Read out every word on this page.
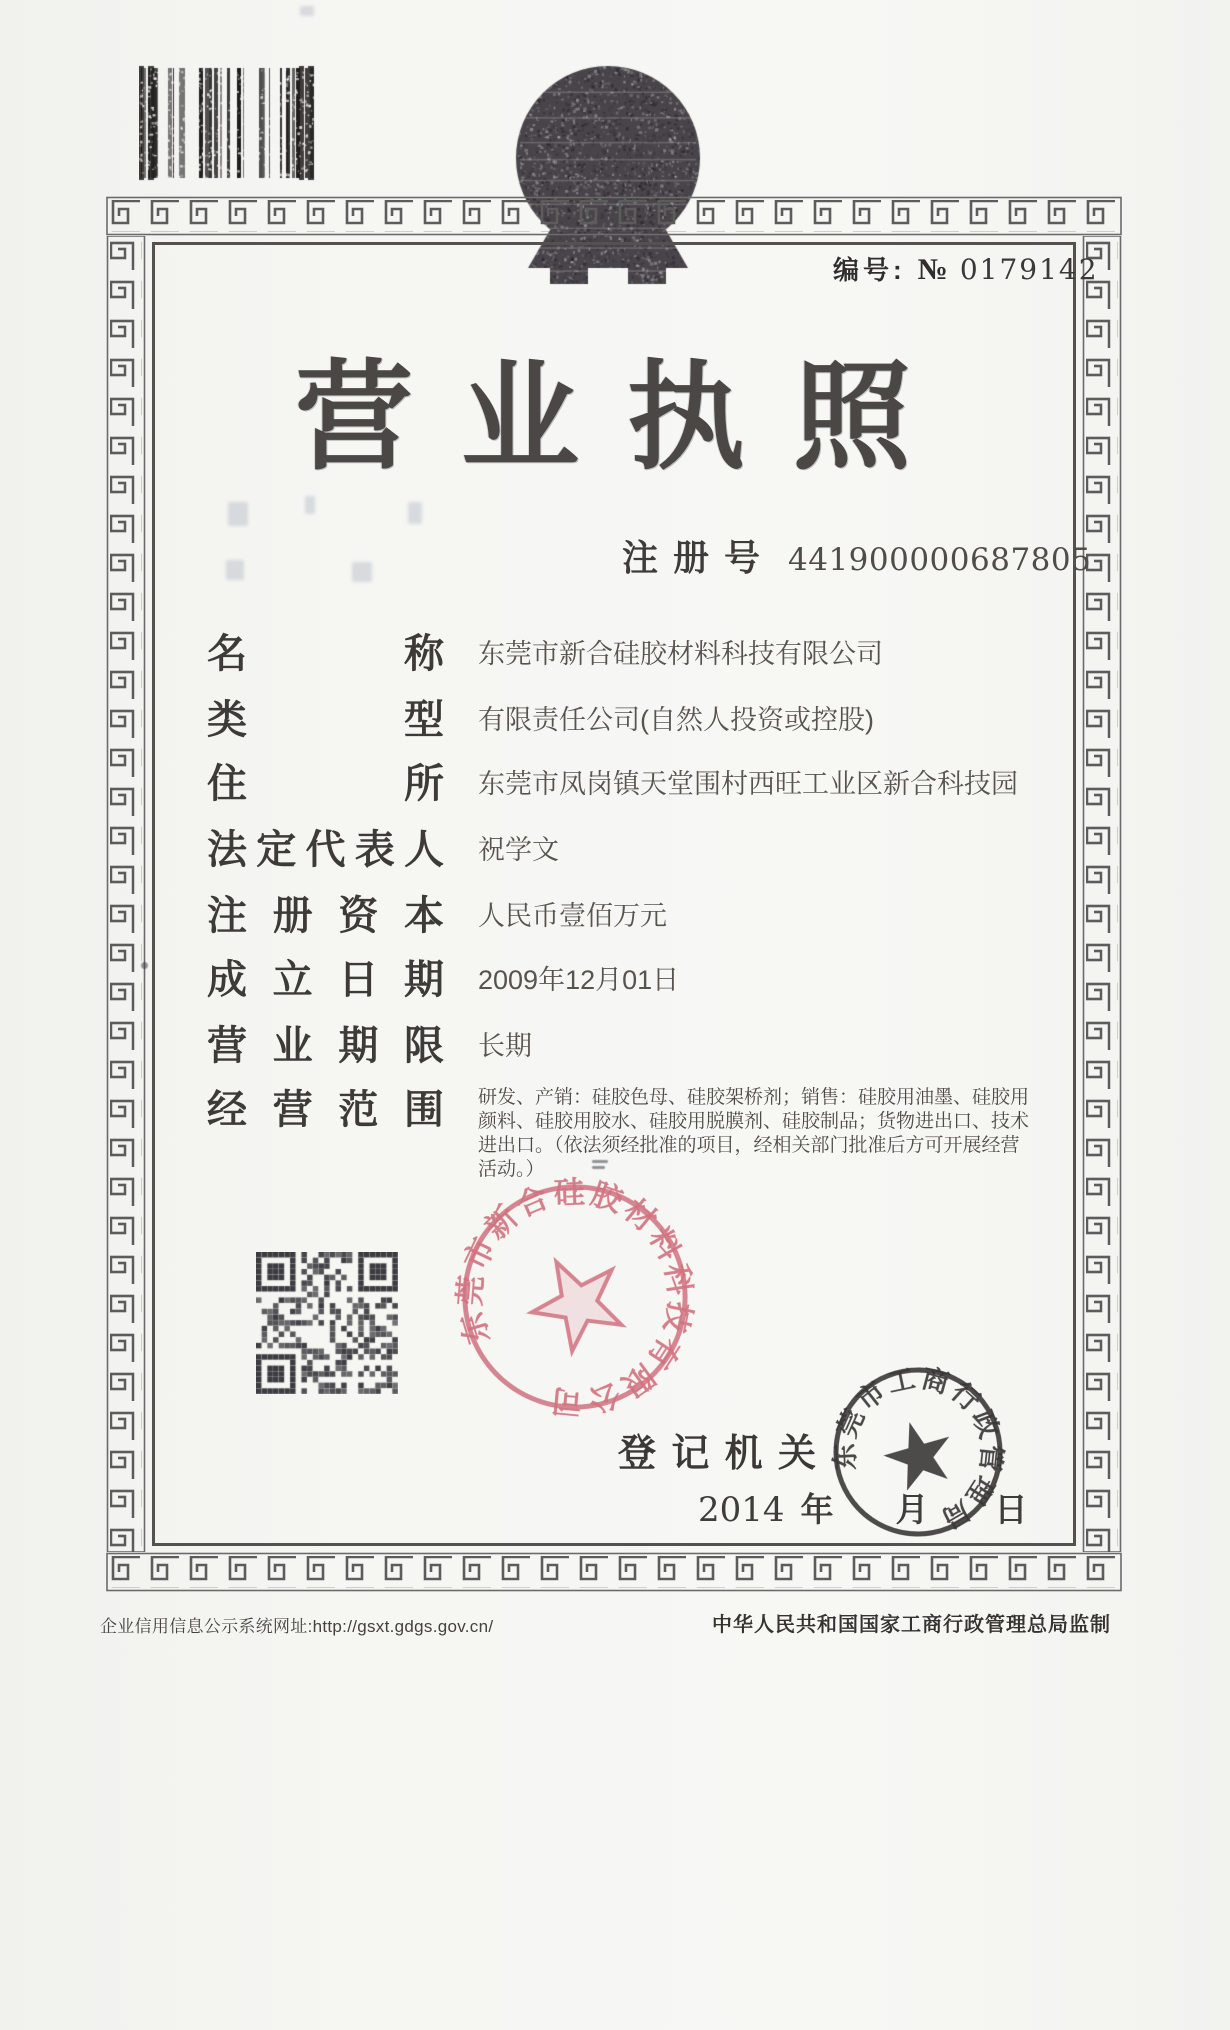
编号: № 0179142
营 业 执 照
注 册 号 441900000687805
名	称 东莞市新合硅胶材料科技有限公司
类	型 有限责任公司(自然人投资或控股)
住	所 东莞市凤岗镇天堂围村西旺工业区新合科技园
法 定 代 表 人 祝学文
注 册 资 本 人民币壹佰万元
成 立 日 期 2009年12月01日
营 业 期 限 长期
经 营 范 围 研发、产销：硅胶色母、硅胶架桥剂；销售：硅胶用油墨、硅胶用
颜料、硅胶用胶水、硅胶用脱膜剂、硅胶制品；货物进出口、技术
进出口。（依法须经批准的项目，经相关部门批准后方可开展经营
活动。）
东莞市新合硅胶材料科技有限公司
登 记 机 关
2014 年 月 日
东莞市工商行政管理局
企业信用信息公示系统网址:http://gsxt.gdgs.gov.cn/	中华人民共和国国家工商行政管理总局监制
